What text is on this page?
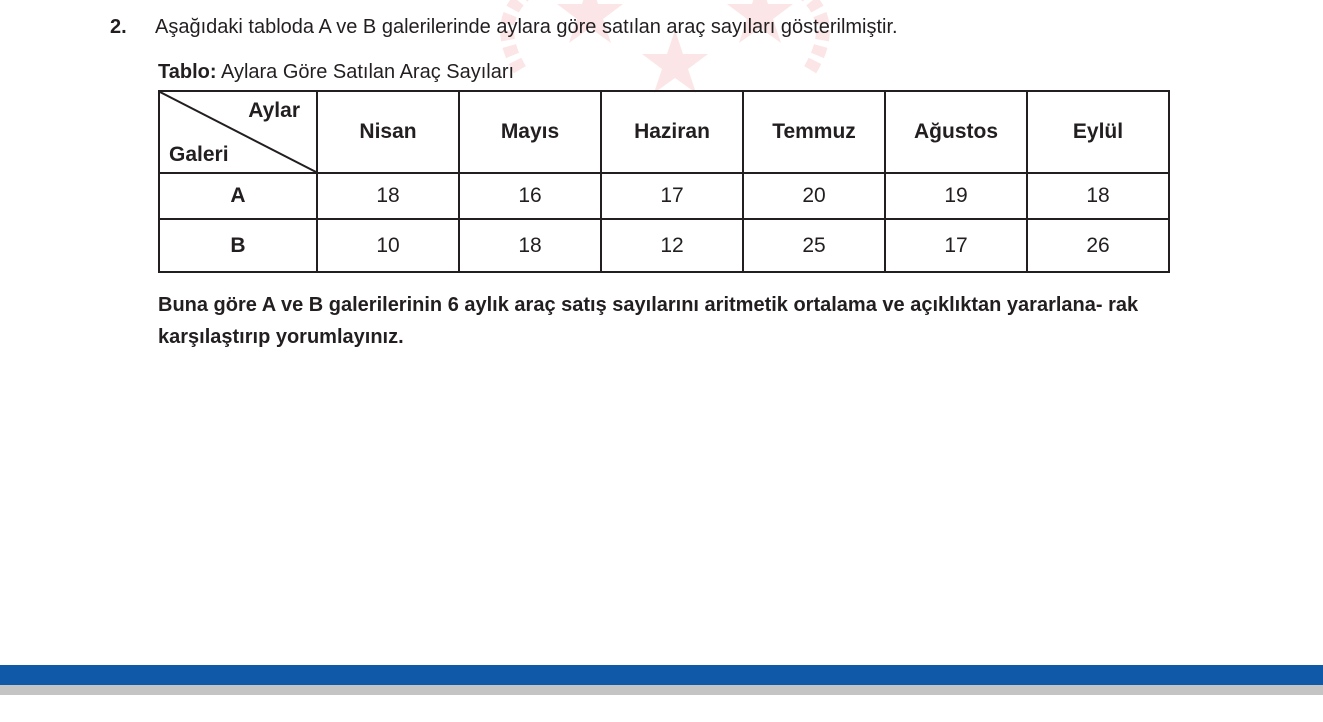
2. Aşağıdaki tabloda A ve B galerilerinde aylara göre satılan araç sayıları gösterilmiştir.
Tablo: Aylara Göre Satılan Araç Sayıları
Aylar
Galeri	Nisan	Mayıs	Haziran	Temmuz	Ağustos	Eylül
A	18	16	17	20	19	18
B	10	18	12	25	17	26
Buna göre A ve B galerilerinin 6 aylık araç satış sayılarını aritmetik ortalama ve açıklıktan yararlana- rak karşılaştırıp yorumlayınız.
